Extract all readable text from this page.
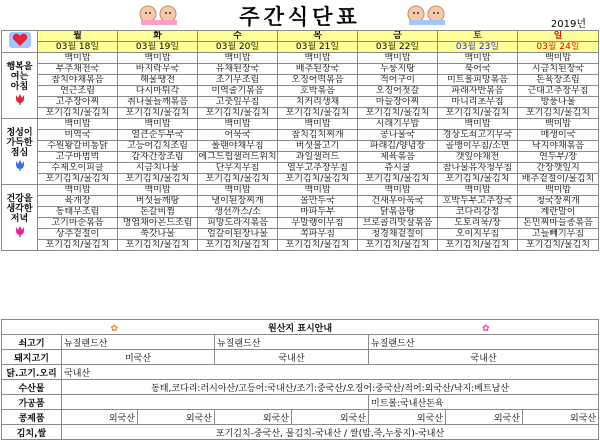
주간식단표	2019년
	월	화	수	목	금	토	일
	03월 18일	03월 19일	03월 20일	03월 21일	03월 22일	03월 23일	03월 24일

행복을
여는
아침	백미밥	백미밥	백미밥	백미밥	백미밥	백미밥	백미밥
	부추채전국	바지락무국	유채된장국	배추된장국	누룽지탕	북어국	시금치된장국
	참치야채볶음	해물땡전	조기무조림	오징어떡볶음	적어구이	미트볼피망볶음	돈육장조림
	연근조림	다시마튀각	미역줄기볶음	호박볶음	오징어젓갈	파래자반볶음	근대고추장무침
	고추장아찌	취나물들깨볶음	고춧잎무침	치커리생채	마늘장아찌	마니리초무침	방풍나물
	포기김치/물김치	포기김치/물김치	포기김치/물김치	포기김치/물김치	포기김치/물김치	포기김치/물김치	포기김치/물김치

정성이
가득한
점심	백미밥	백미밥	백미밥	백미밥	시래기무밥	백미밥	백미밥
	미역국	열큰순두부국	어묵국	참치김치찌개	콩나물국	경상도쇠고기무국	매생이국
	수원왕갈비통닭	고등어김치조림	폴랜야채무침	버섯불고기	파래김/양념장	골뱅이무침/소면	낙지야채볶음
	고구마범벅	감자간장조림	에그드립샐러드위치	과일샐러드	제육볶음	갯잎야채전	연두부/장
	수제오이피클	시금치나물	단무지무침	열무고추장무침	쥬시쿨	참나물유자청무침	간장깻잎지
	포기김치/물김치	포기김치/물김치	포기김치/물김치	포기김치/물김치	포기김치/물김치	포기김치/물김치	배추겉절이/물김치

건강을
생각한
저녁	백미밥	백미밥	백미밥	백미밥	백미밥	백미밥	백미밥
	육개장	버섯들깨탕	냉이된장찌개	몰만두국	건새우아욱국	호박두부고추장국	청국장찌개
	동태무조림	돈갈비찜	생선까스/소	마파두부	닭볶음탕	코다리강정	계란말이
	고기마순볶음	명엽채아몬드조림	피망도라지볶음	무말랭이무침	브로콜리맛살볶음	도토리묵/장	돈민찌마늘종볶음
	상추겉절이	쑥갓나물	얼갈이된장나물	쪽파무침	청경채겉절이	오이지무침	고들빼기무침
	포기김치/물김치	포기김치/물김치	포기김치/물김치	포기김치/물김치	포기김치/물김치	포기김치/물김치	포기김치/물김치
✿ 원산지 표시안내 ✿							
쇠고기	뉴질랜드산		뉴질랜드산		뉴질랜드산		
돼지고기	미국산		국내산		국내산		
닭.고기.오리	국내산						
수산물	동태,코다리:러시아산/고등어:국내산/조기:중국산/오징어:중국산/적어:외국산/낙지:베트남산						
가공품					미트볼:국내산돈육		
콩제품	외국산	외국산	외국산	외국산	외국산	외국산	외국산
김치,쌀	포기김치-중국산, 물김치-국내산 / 쌀(밥,죽,누룽지)-국내산						
